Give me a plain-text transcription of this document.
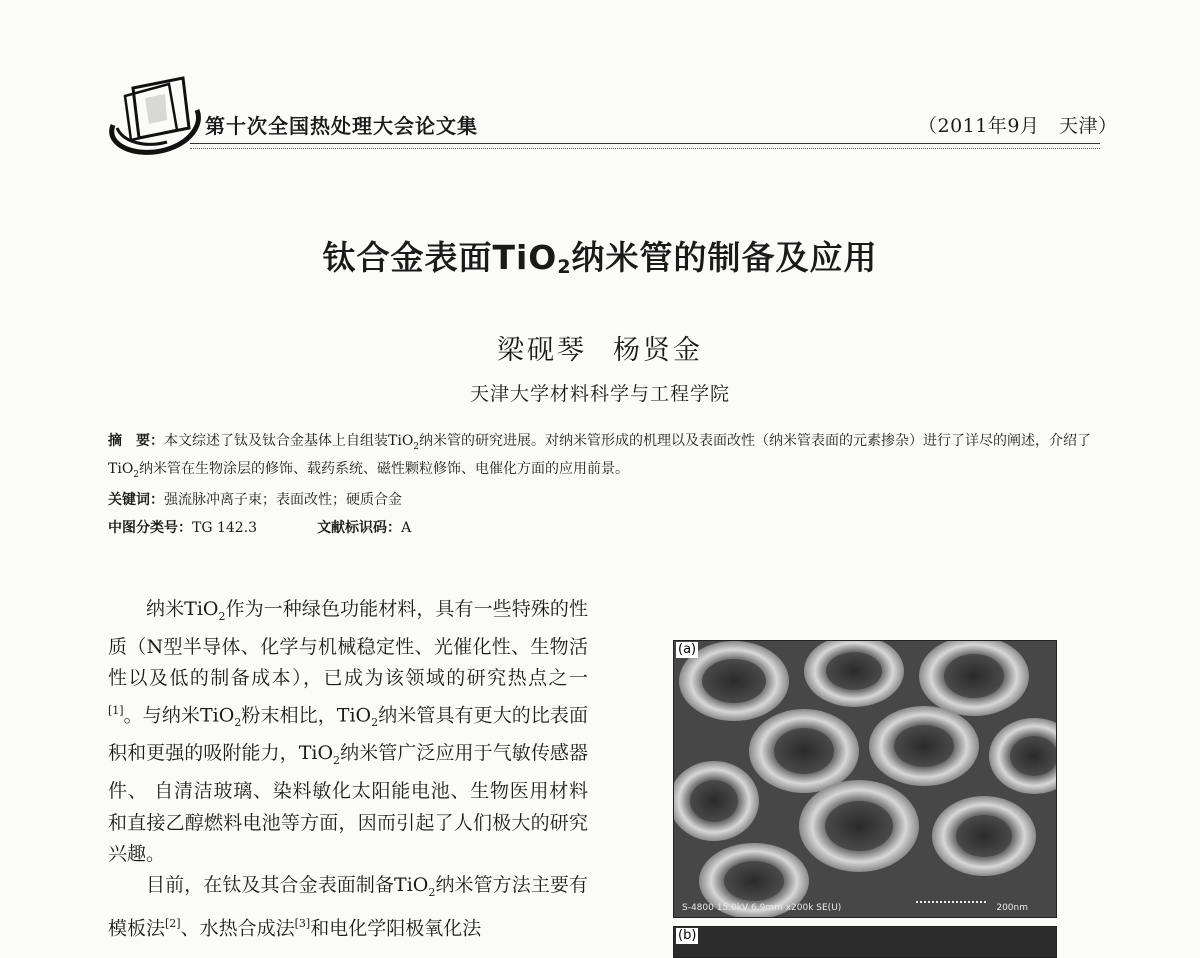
第十次全国热处理大会论文集	（2011年9月　天津）
钛合金表面TiO$_2$纳米管的制备及应用
梁砚琴 杨贤金
天津大学材料科学与工程学院
摘　要：本文综述了钛及钛合金基体上自组装TiO$_2$纳米管的研究进展。对纳米管形成的机理以及表面改性（纳米管表面的元素掺杂）进行了详尽的阐述，介绍了TiO$_2$纳米管在生物涂层的修饰、载药系统、磁性颗粒修饰、电催化方面的应用前景。
关键词：强流脉冲离子束；表面改性；硬质合金
中图分类号：TG 142.3	文献标识码：A

纳米TiO$_2$作为一种绿色功能材料，具有一些特殊的性质（N型半导体、化学与机械稳定性、光催化性、生物活性以及低的制备成本），已成为该领域的研究热点之一[1]。与纳米TiO$_2$粉末相比，TiO$_2$纳米管具有更大的比表面积和更强的吸附能力，TiO$_2$纳米管广泛应用于气敏传感器件、 自清洁玻璃、染料敏化太阳能电池、生物医用材料和直接乙醇燃料电池等方面，因而引起了人们极大的研究兴趣。

目前，在钛及其合金表面制备TiO$_2$纳米管方法主要有模板法[2]、水热合成法[3]和电化学阳极氧化法

(a)
S-4800 15.0kV 6.9mm x200k SE(U)	200nm
(b)
